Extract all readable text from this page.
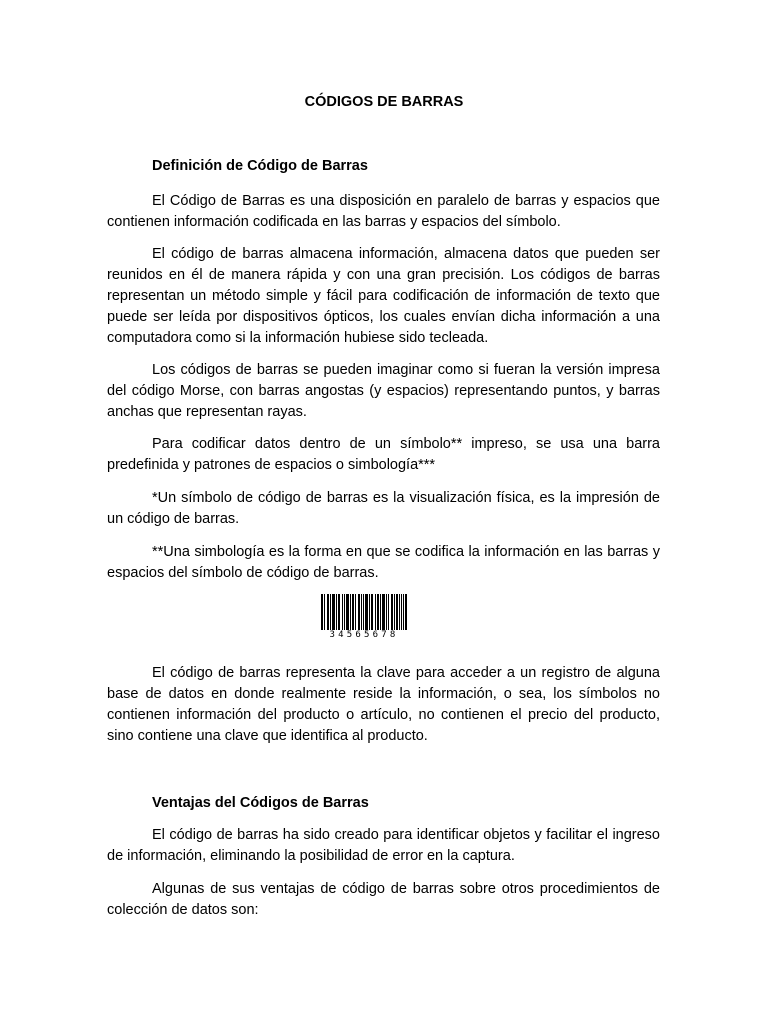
CÓDIGOS DE BARRAS
Definición de Código de Barras

El Código de Barras es una disposición en paralelo de barras y espacios que contienen información codificada en las barras y espacios del símbolo.

El código de barras almacena información, almacena datos que pueden ser reunidos en él de manera rápida y con una gran precisión. Los códigos de barras representan un método simple y fácil para codificación de información de texto que puede ser leída por dispositivos ópticos, los cuales envían dicha información a una computadora como si la información hubiese sido tecleada.

Los códigos de barras se pueden imaginar como si fueran la versión impresa del código Morse, con barras angostas (y espacios) representando puntos, y barras anchas que representan rayas.

Para codificar datos dentro de un símbolo** impreso, se usa una barra predefinida y patrones de espacios o simbología***

*Un símbolo de código de barras es la visualización física, es la impresión de un código de barras.

**Una simbología es la forma en que se codifica la información en las barras y espacios del símbolo de código de barras.

34565678

El código de barras representa la clave para acceder a un registro de alguna base de datos en donde realmente reside la información, o sea, los símbolos no contienen información del producto o artículo, no contienen el precio del producto, sino contiene una clave que identifica al producto.

Ventajas del Códigos de Barras

El código de barras ha sido creado para identificar objetos y facilitar el ingreso de información, eliminando la posibilidad de error en la captura.

Algunas de sus ventajas de código de barras sobre otros procedimientos de colección de datos son:
